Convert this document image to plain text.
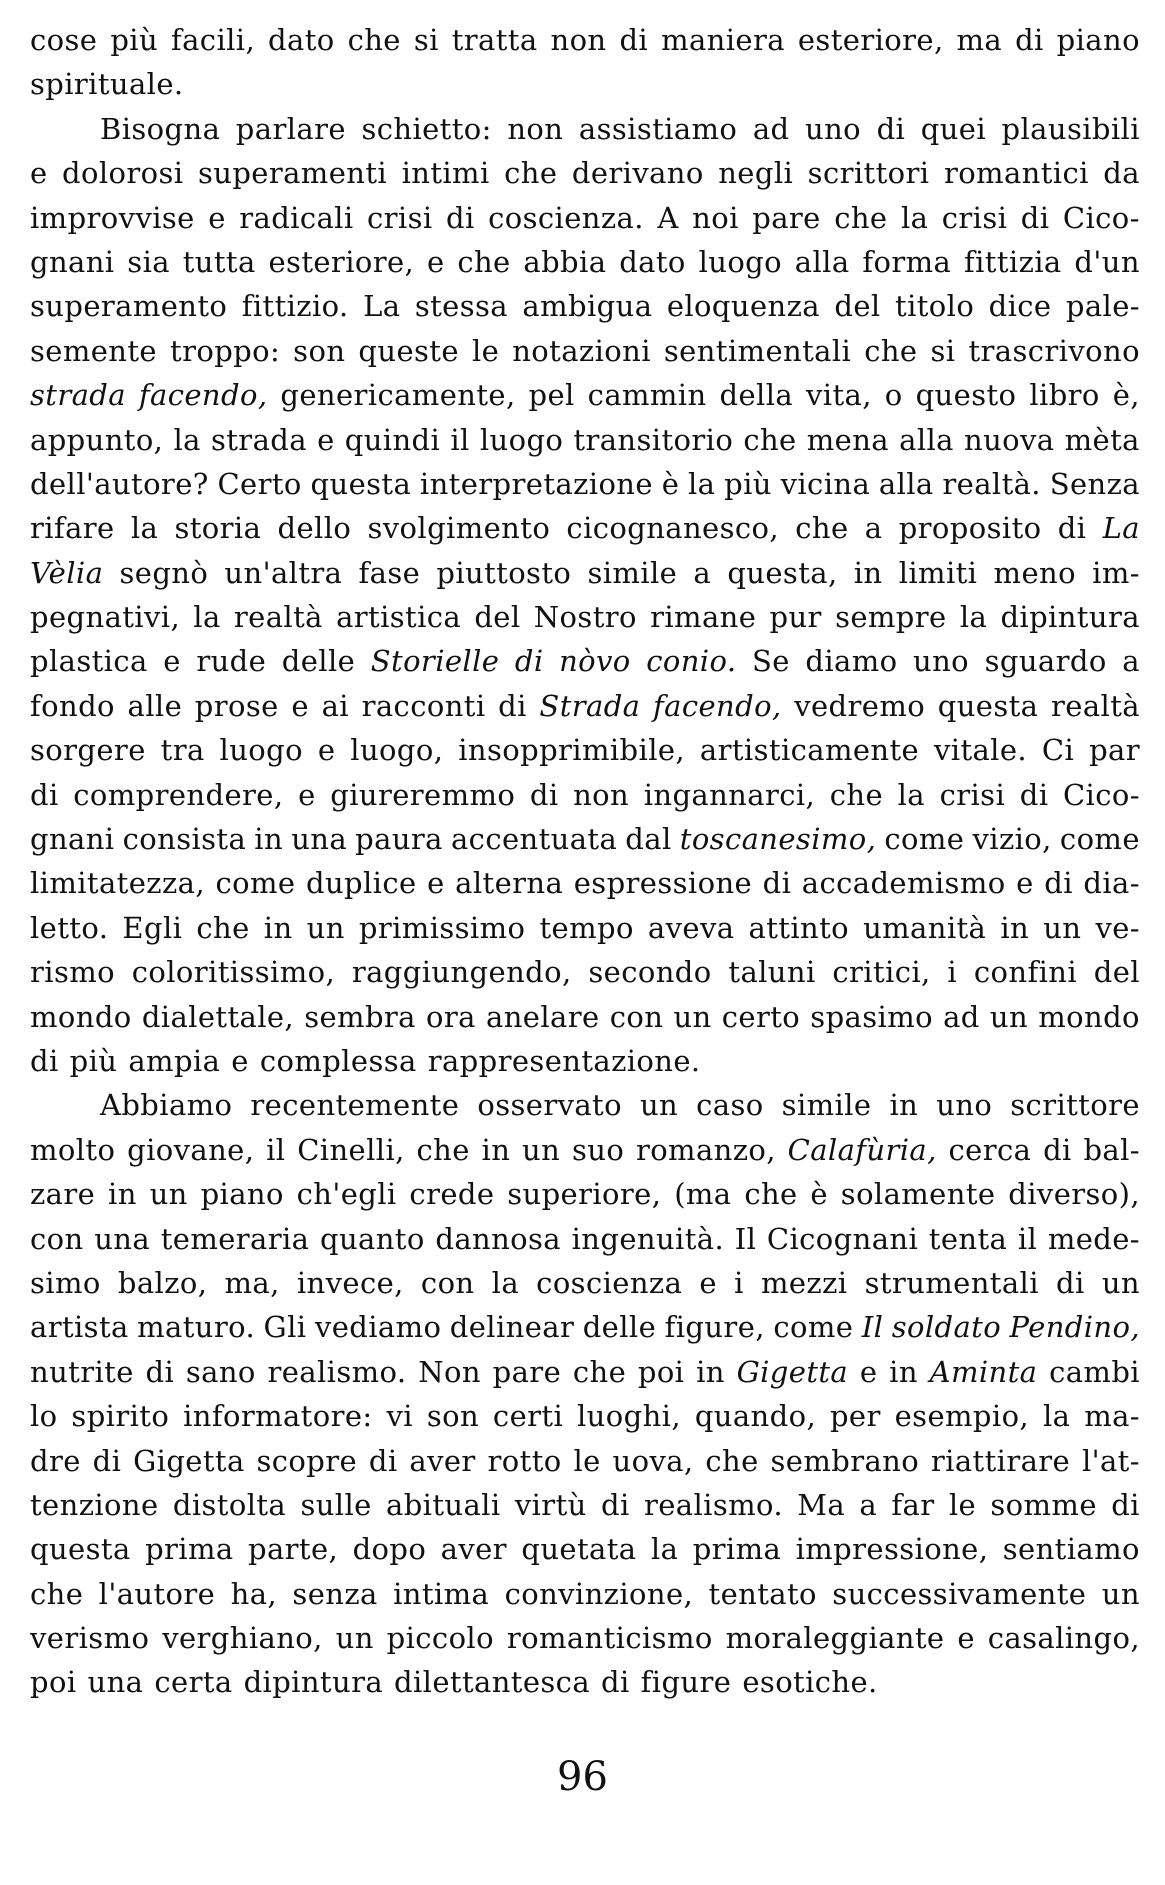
cose più facili, dato che si tratta non di maniera esteriore, ma di piano
spirituale.
Bisogna parlare schietto: non assistiamo ad uno di quei plausibili
e dolorosi superamenti intimi che derivano negli scrittori romantici da
improvvise e radicali crisi di coscienza. A noi pare che la crisi di Cico-
gnani sia tutta esteriore, e che abbia dato luogo alla forma fittizia d'un
superamento fittizio. La stessa ambigua eloquenza del titolo dice pale-
semente troppo: son queste le notazioni sentimentali che si trascrivono
strada facendo, genericamente, pel cammin della vita, o questo libro è,
appunto, la strada e quindi il luogo transitorio che mena alla nuova mèta
dell'autore? Certo questa interpretazione è la più vicina alla realtà. Senza
rifare la storia dello svolgimento cicognanesco, che a proposito di La
Vèlia segnò un'altra fase piuttosto simile a questa, in limiti meno im-
pegnativi, la realtà artistica del Nostro rimane pur sempre la dipintura
plastica e rude delle Storielle di nòvo conio. Se diamo uno sguardo a
fondo alle prose e ai racconti di Strada facendo, vedremo questa realtà
sorgere tra luogo e luogo, insopprimibile, artisticamente vitale. Ci par
di comprendere, e giureremmo di non ingannarci, che la crisi di Cico-
gnani consista in una paura accentuata dal toscanesimo, come vizio, come
limitatezza, come duplice e alterna espressione di accademismo e di dia-
letto. Egli che in un primissimo tempo aveva attinto umanità in un ve-
rismo coloritissimo, raggiungendo, secondo taluni critici, i confini del
mondo dialettale, sembra ora anelare con un certo spasimo ad un mondo
di più ampia e complessa rappresentazione.
Abbiamo recentemente osservato un caso simile in uno scrittore
molto giovane, il Cinelli, che in un suo romanzo, Calafùria, cerca di bal-
zare in un piano ch'egli crede superiore, (ma che è solamente diverso),
con una temeraria quanto dannosa ingenuità. Il Cicognani tenta il mede-
simo balzo, ma, invece, con la coscienza e i mezzi strumentali di un
artista maturo. Gli vediamo delinear delle figure, come Il soldato Pendino,
nutrite di sano realismo. Non pare che poi in Gigetta e in Aminta cambi
lo spirito informatore: vi son certi luoghi, quando, per esempio, la ma-
dre di Gigetta scopre di aver rotto le uova, che sembrano riattirare l'at-
tenzione distolta sulle abituali virtù di realismo. Ma a far le somme di
questa prima parte, dopo aver quetata la prima impressione, sentiamo
che l'autore ha, senza intima convinzione, tentato successivamente un
verismo verghiano, un piccolo romanticismo moraleggiante e casalingo,
poi una certa dipintura dilettantesca di figure esotiche.
96
